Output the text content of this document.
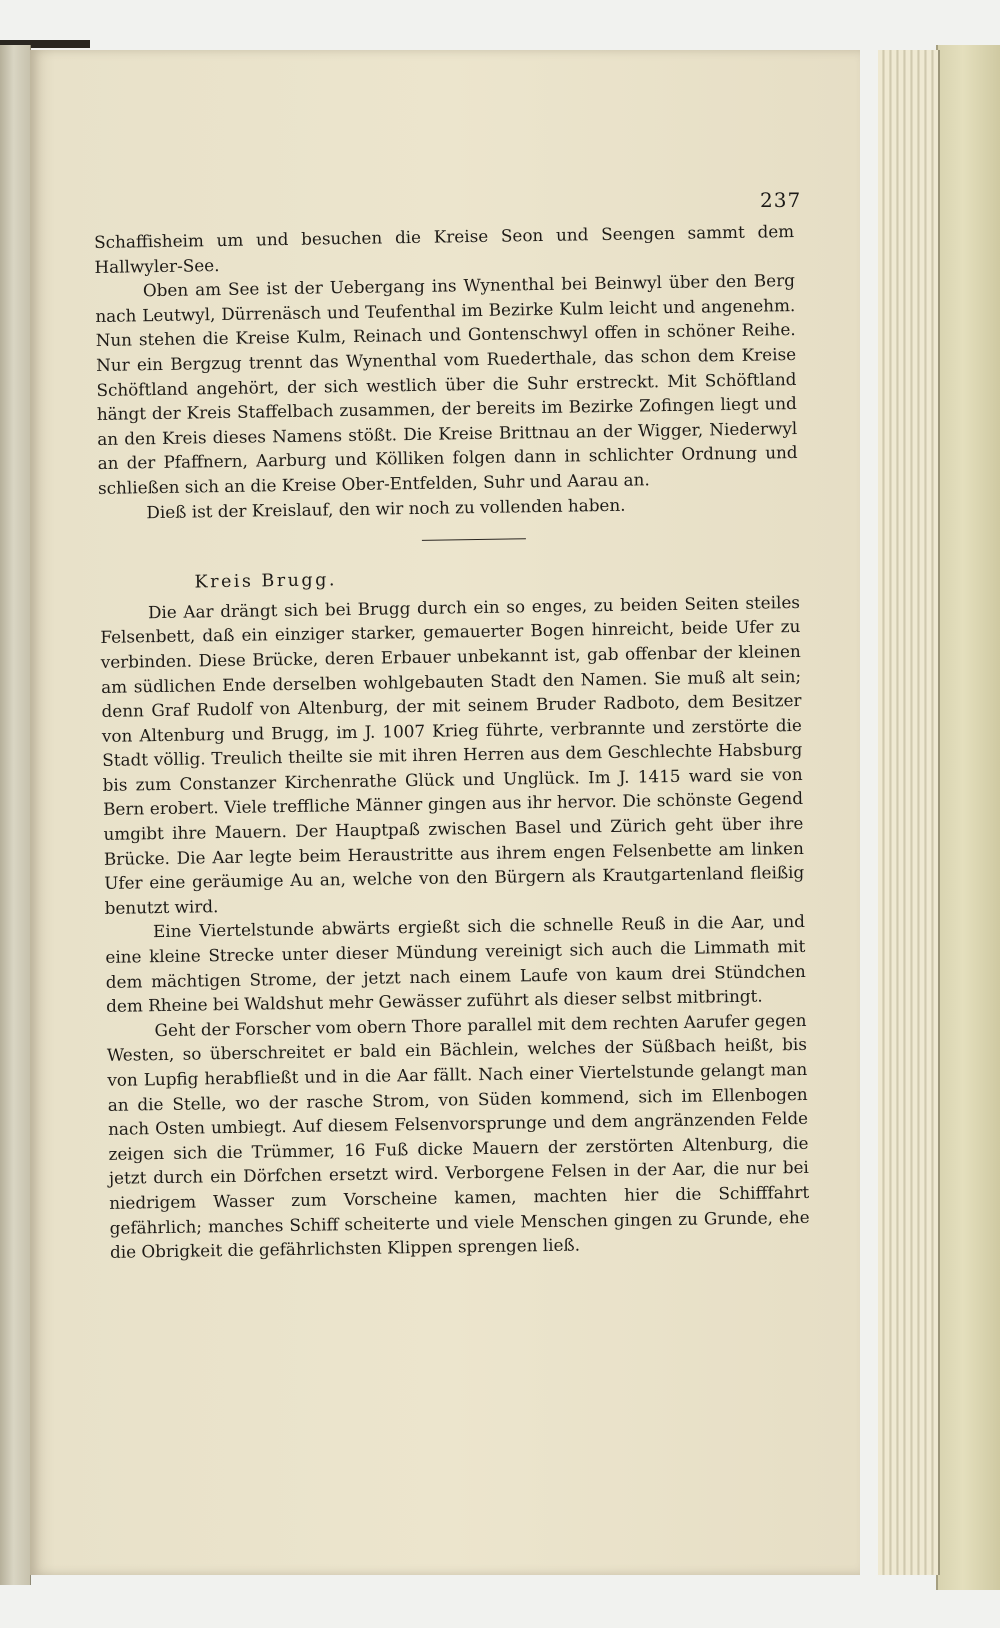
237

Schaffisheim um und besuchen die Kreise Seon und Seengen sammt dem Hallwyler-See.

Oben am See ist der Uebergang ins Wynenthal bei Beinwyl über den Berg nach Leutwyl, Dürrenäsch und Teufenthal im Bezirke Kulm leicht und angenehm. Nun stehen die Kreise Kulm, Reinach und Gontenschwyl offen in schöner Reihe. Nur ein Bergzug trennt das Wynenthal vom Ruederthale, das schon dem Kreise Schöftland angehört, der sich westlich über die Suhr erstreckt. Mit Schöftland hängt der Kreis Staffelbach zusammen, der bereits im Bezirke Zofingen liegt und an den Kreis dieses Namens stößt. Die Kreise Brittnau an der Wigger, Niederwyl an der Pfaffnern, Aarburg und Kölliken folgen dann in schlichter Ordnung und schließen sich an die Kreise Ober-Entfelden, Suhr und Aarau an.

Dieß ist der Kreislauf, den wir noch zu vollenden haben.

Kreis Brugg.

Die Aar drängt sich bei Brugg durch ein so enges, zu beiden Seiten steiles Felsenbett, daß ein einziger starker, gemauerter Bogen hinreicht, beide Ufer zu verbinden. Diese Brücke, deren Erbauer unbekannt ist, gab offenbar der kleinen am südlichen Ende derselben wohlgebauten Stadt den Namen. Sie muß alt sein; denn Graf Rudolf von Altenburg, der mit seinem Bruder Radboto, dem Besitzer von Altenburg und Brugg, im J. 1007 Krieg führte, verbrannte und zerstörte die Stadt völlig. Treulich theilte sie mit ihren Herren aus dem Geschlechte Habsburg bis zum Constanzer Kirchenrathe Glück und Unglück. Im J. 1415 ward sie von Bern erobert. Viele treffliche Männer gingen aus ihr hervor. Die schönste Gegend umgibt ihre Mauern. Der Hauptpaß zwischen Basel und Zürich geht über ihre Brücke. Die Aar legte beim Heraustritte aus ihrem engen Felsenbette am linken Ufer eine geräumige Au an, welche von den Bürgern als Krautgartenland fleißig benutzt wird.

Eine Viertelstunde abwärts ergießt sich die schnelle Reuß in die Aar, und eine kleine Strecke unter dieser Mündung vereinigt sich auch die Limmath mit dem mächtigen Strome, der jetzt nach einem Laufe von kaum drei Stündchen dem Rheine bei Waldshut mehr Gewässer zuführt als dieser selbst mitbringt.

Geht der Forscher vom obern Thore parallel mit dem rechten Aarufer gegen Westen, so überschreitet er bald ein Bächlein, welches der Süßbach heißt, bis von Lupfig herabfließt und in die Aar fällt. Nach einer Viertelstunde gelangt man an die Stelle, wo der rasche Strom, von Süden kommend, sich im Ellenbogen nach Osten umbiegt. Auf diesem Felsenvorsprunge und dem angränzenden Felde zeigen sich die Trümmer, 16 Fuß dicke Mauern der zerstörten Altenburg, die jetzt durch ein Dörfchen ersetzt wird. Verborgene Felsen in der Aar, die nur bei niedrigem Wasser zum Vorscheine kamen, machten hier die Schifffahrt gefährlich; manches Schiff scheiterte und viele Menschen gingen zu Grunde, ehe die Obrigkeit die gefährlichsten Klippen sprengen ließ.
